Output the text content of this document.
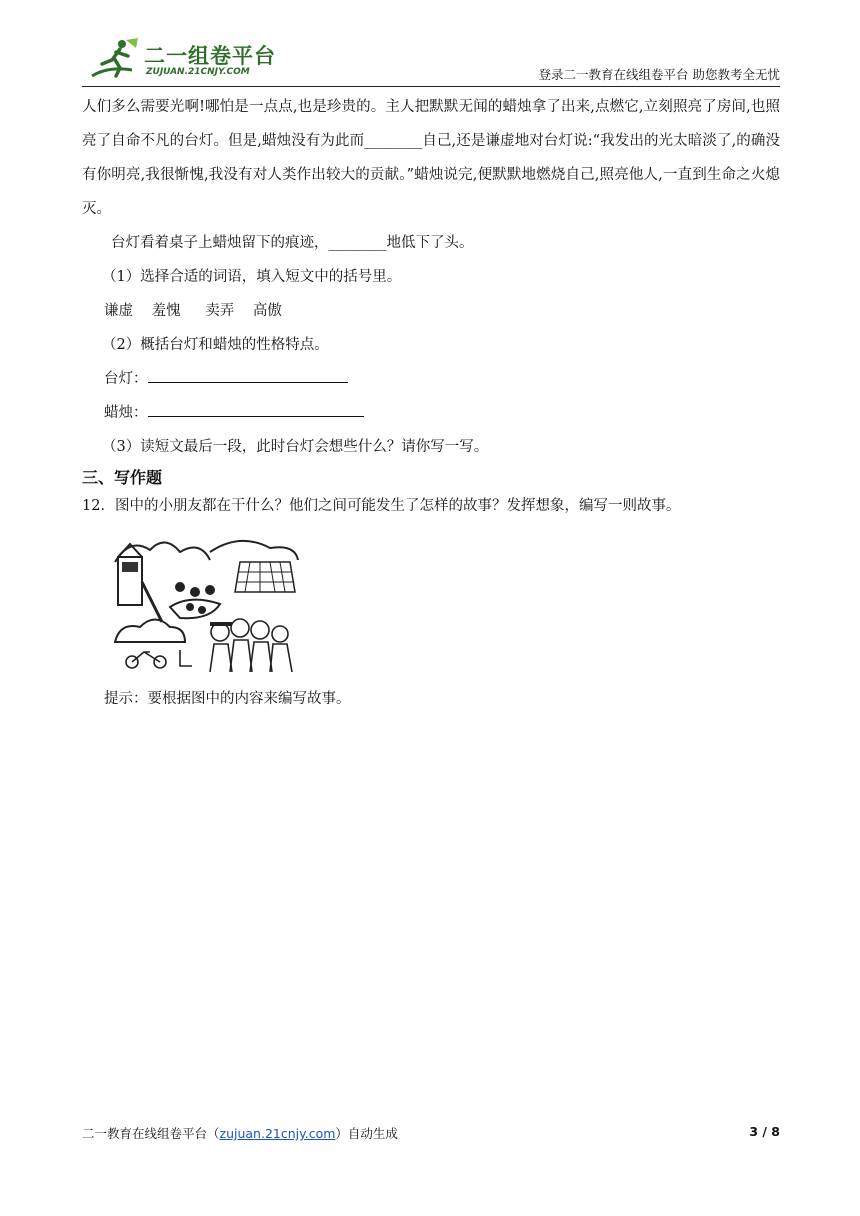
二一组卷平台
ZUJUAN.21CNJY.COM	登录二一教育在线组卷平台 助您教考全无忧

人们多么需要光啊!哪怕是一点点,也是珍贵的。主人把默默无闻的蜡烛拿了出来,点燃它,立刻照亮了房间,也照亮了自命不凡的台灯。但是,蜡烛没有为此而________自己,还是谦虚地对台灯说:“我发出的光太暗淡了,的确没有你明亮,我很惭愧,我没有对人类作出较大的贡献。”蜡烛说完,便默默地燃烧自己,照亮他人,一直到生命之火熄灭。

台灯看着桌子上蜡烛留下的痕迹，________地低下了头。

（1）选择合适的词语，填入短文中的括号里。
谦虚 羞愧 卖弄 高傲
（2）概括台灯和蜡烛的性格特点。
台灯：
蜡烛：
（3）读短文最后一段，此时台灯会想些什么？请你写一写。
三、写作题
12．图中的小朋友都在干什么？他们之间可能发生了怎样的故事？发挥想象，编写一则故事。
提示：要根据图中的内容来编写故事。
二一教育在线组卷平台（zujuan.21cnjy.com）自动生成	3 / 8
